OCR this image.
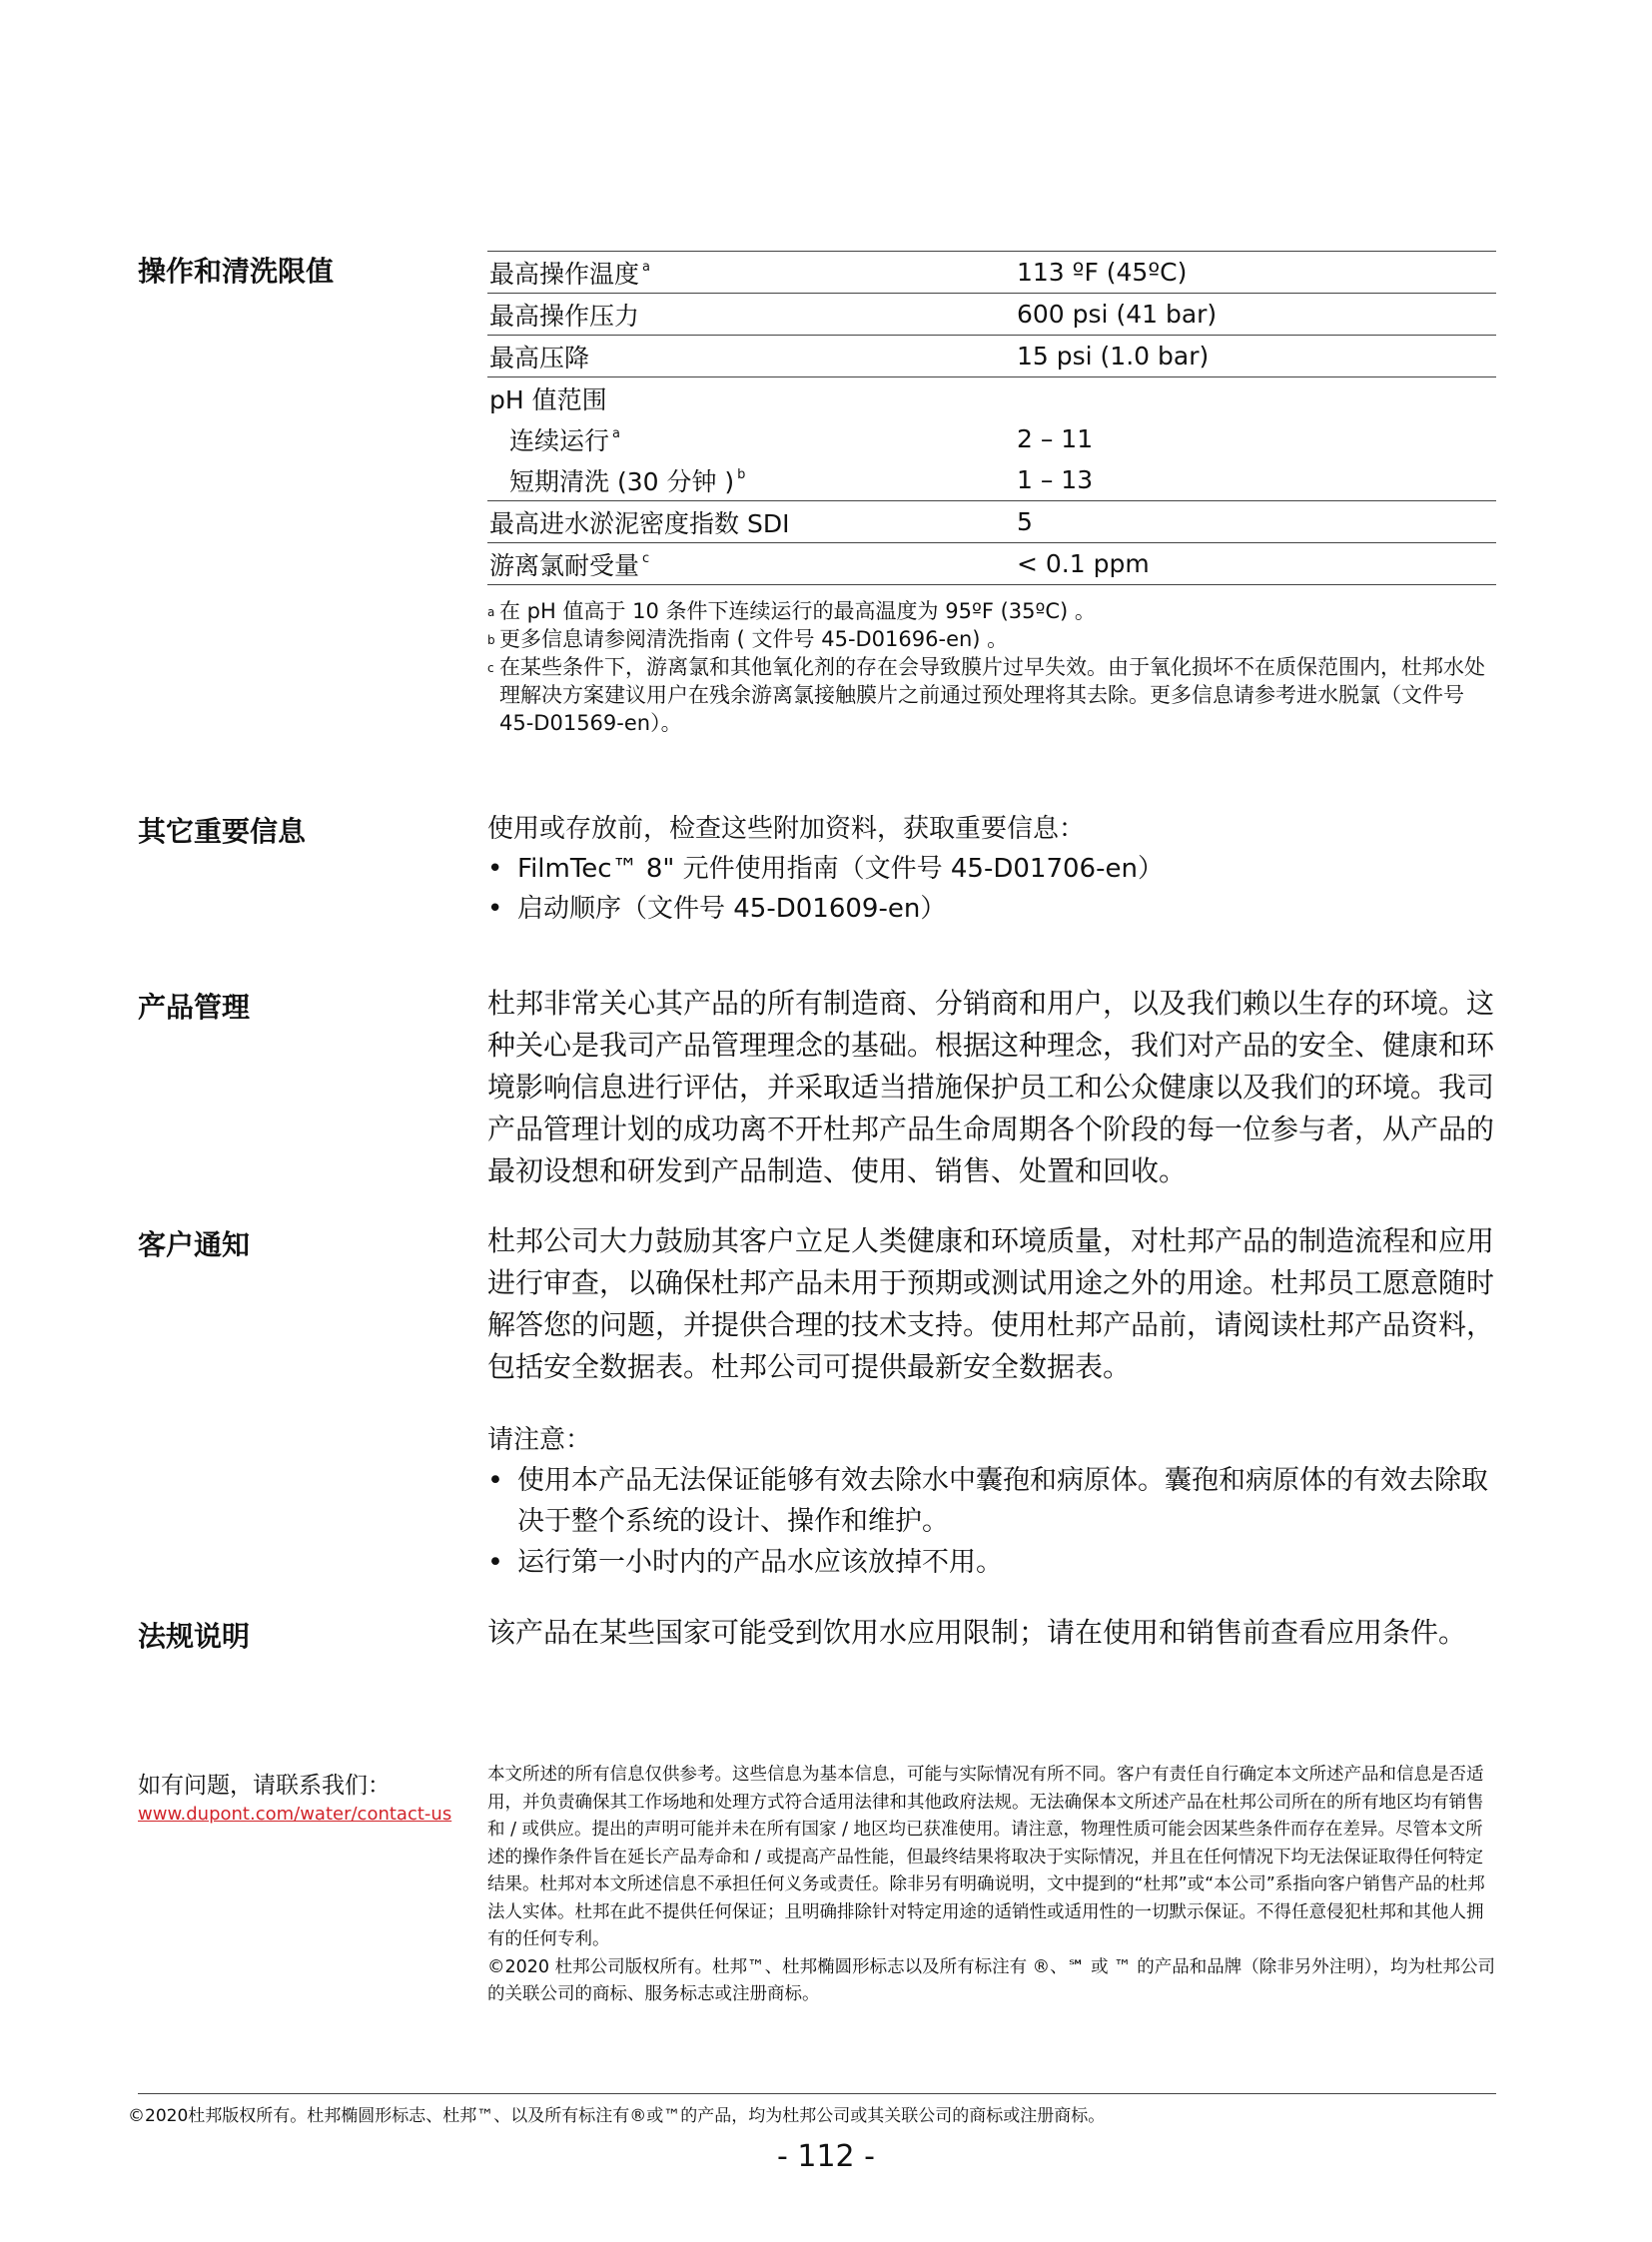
操作和清洗限值
其它重要信息
产品管理
客户通知
法规说明
最高操作温度 $^a$	113 ºF (45ºC)
最高操作压力	600 psi (41 bar)
最高压降	15 psi (1.0 bar)
pH 值范围	
连续运行 $^a$	2 – 11
短期清洗 (30 分钟 ) $^b$	1 – 13
最高进水淤泥密度指数 SDI	5
游离氯耐受量 $^c$	< 0.1 ppm
a 在 pH 值高于 10 条件下连续运行的最高温度为 95ºF (35ºC) 。
b 更多信息请参阅清洗指南 ( 文件号 45-D01696-en) 。
c 在某些条件下，游离氯和其他氧化剂的存在会导致膜片过早失效。由于氧化损坏不在质保范围内，杜邦水处理解决方案建议用户在残余游离氯接触膜片之前通过预处理将其去除。更多信息请参考进水脱氯（文件号 45-D01569-en）。
使用或存放前，检查这些附加资料，获取重要信息：
• FilmTec™ 8" 元件使用指南（文件号 45-D01706-en）
• 启动顺序（文件号 45-D01609-en）
杜邦非常关心其产品的所有制造商、分销商和用户，以及我们赖以生存的环境。这种关心是我司产品管理理念的基础。根据这种理念，我们对产品的安全、健康和环境影响信息进行评估，并采取适当措施保护员工和公众健康以及我们的环境。我司产品管理计划的成功离不开杜邦产品生命周期各个阶段的每一位参与者，从产品的最初设想和研发到产品制造、使用、销售、处置和回收。
杜邦公司大力鼓励其客户立足人类健康和环境质量，对杜邦产品的制造流程和应用进行审查，以确保杜邦产品未用于预期或测试用途之外的用途。杜邦员工愿意随时解答您的问题，并提供合理的技术支持。使用杜邦产品前，请阅读杜邦产品资料，包括安全数据表。杜邦公司可提供最新安全数据表。
请注意：
• 使用本产品无法保证能够有效去除水中囊孢和病原体。囊孢和病原体的有效去除取决于整个系统的设计、操作和维护。
• 运行第一小时内的产品水应该放掉不用。
该产品在某些国家可能受到饮用水应用限制；请在使用和销售前查看应用条件。
如有问题，请联系我们：
www.dupont.com/water/contact-us
本文所述的所有信息仅供参考。这些信息为基本信息，可能与实际情况有所不同。客户有责任自行确定本文所述产品和信息是否适用，并负责确保其工作场地和处理方式符合适用法律和其他政府法规。无法确保本文所述产品在杜邦公司所在的所有地区均有销售和 / 或供应。提出的声明可能并未在所有国家 / 地区均已获准使用。请注意，物理性质可能会因某些条件而存在差异。尽管本文所述的操作条件旨在延长产品寿命和 / 或提高产品性能，但最终结果将取决于实际情况，并且在任何情况下均无法保证取得任何特定结果。杜邦对本文所述信息不承担任何义务或责任。除非另有明确说明，文中提到的“杜邦”或“本公司”系指向客户销售产品的杜邦法人实体。杜邦在此不提供任何保证；且明确排除针对特定用途的适销性或适用性的一切默示保证。不得任意侵犯杜邦和其他人拥有的任何专利。
©2020 杜邦公司版权所有。杜邦™、杜邦椭圆形标志以及所有标注有 ®、℠ 或 ™ 的产品和品牌（除非另外注明），均为杜邦公司的关联公司的商标、服务标志或注册商标。
©2020杜邦版权所有。杜邦椭圆形标志、杜邦™、以及所有标注有®或™的产品，均为杜邦公司或其关联公司的商标或注册商标。
- 112 -
